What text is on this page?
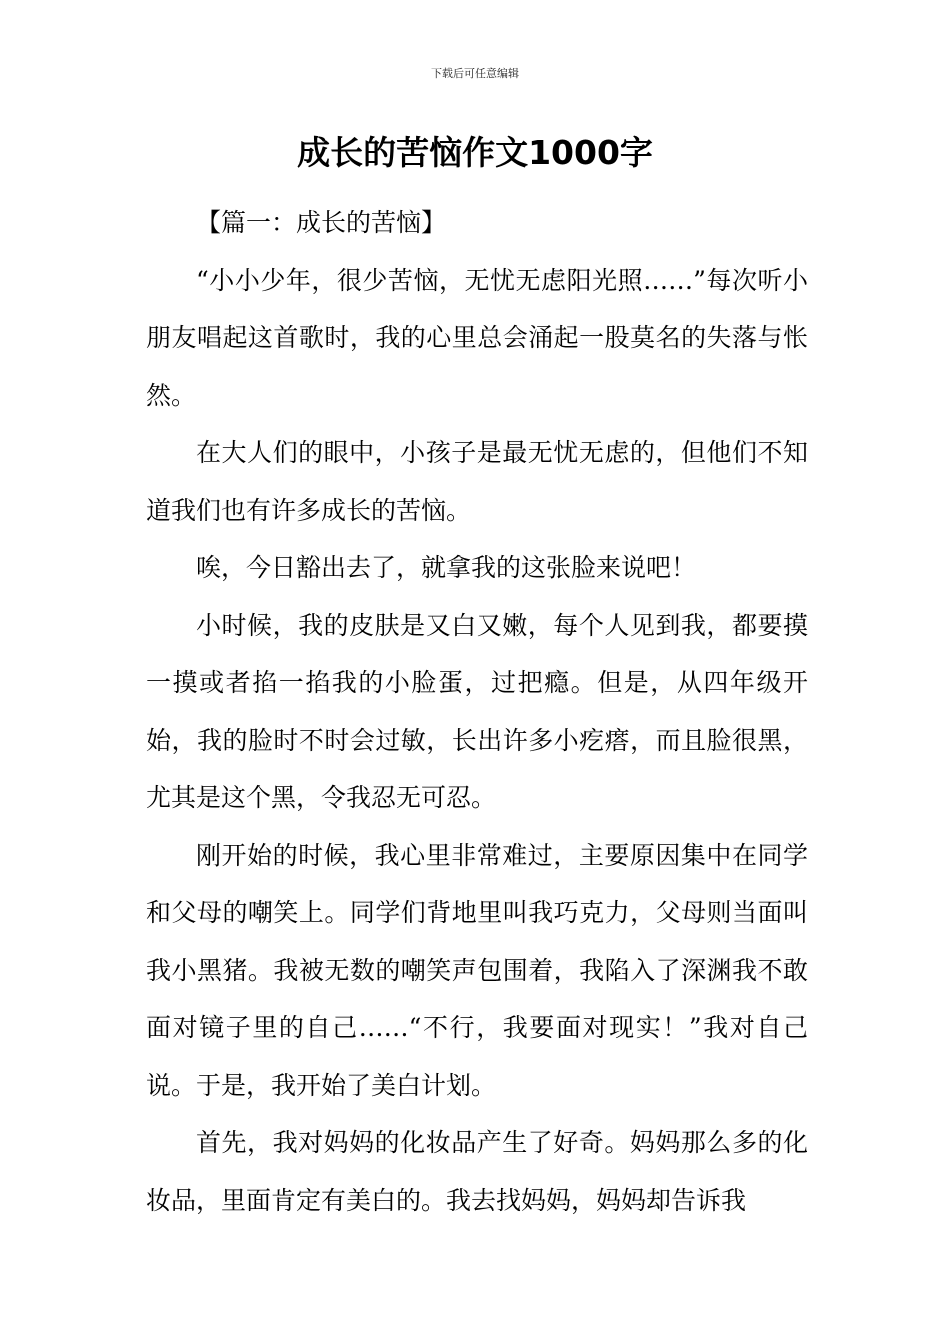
下载后可任意编辑
成长的苦恼作文1000字

【篇一：成长的苦恼】

“小小少年，很少苦恼，无忧无虑阳光照……”每次听小朋友唱起这首歌时，我的心里总会涌起一股莫名的失落与怅然。

在大人们的眼中，小孩子是最无忧无虑的，但他们不知道我们也有许多成长的苦恼。

唉，今日豁出去了，就拿我的这张脸来说吧！

小时候，我的皮肤是又白又嫩，每个人见到我，都要摸一摸或者掐一掐我的小脸蛋，过把瘾。但是，从四年级开始，我的脸时不时会过敏，长出许多小疙瘩，而且脸很黑，尤其是这个黑，令我忍无可忍。

刚开始的时候，我心里非常难过，主要原因集中在同学和父母的嘲笑上。同学们背地里叫我巧克力，父母则当面叫我小黑猪。我被无数的嘲笑声包围着，我陷入了深渊我不敢面对镜子里的自己……“不行，我要面对现实！”我对自己说。于是，我开始了美白计划。

首先，我对妈妈的化妆品产生了好奇。妈妈那么多的化妆品，里面肯定有美白的。我去找妈妈，妈妈却告诉我
